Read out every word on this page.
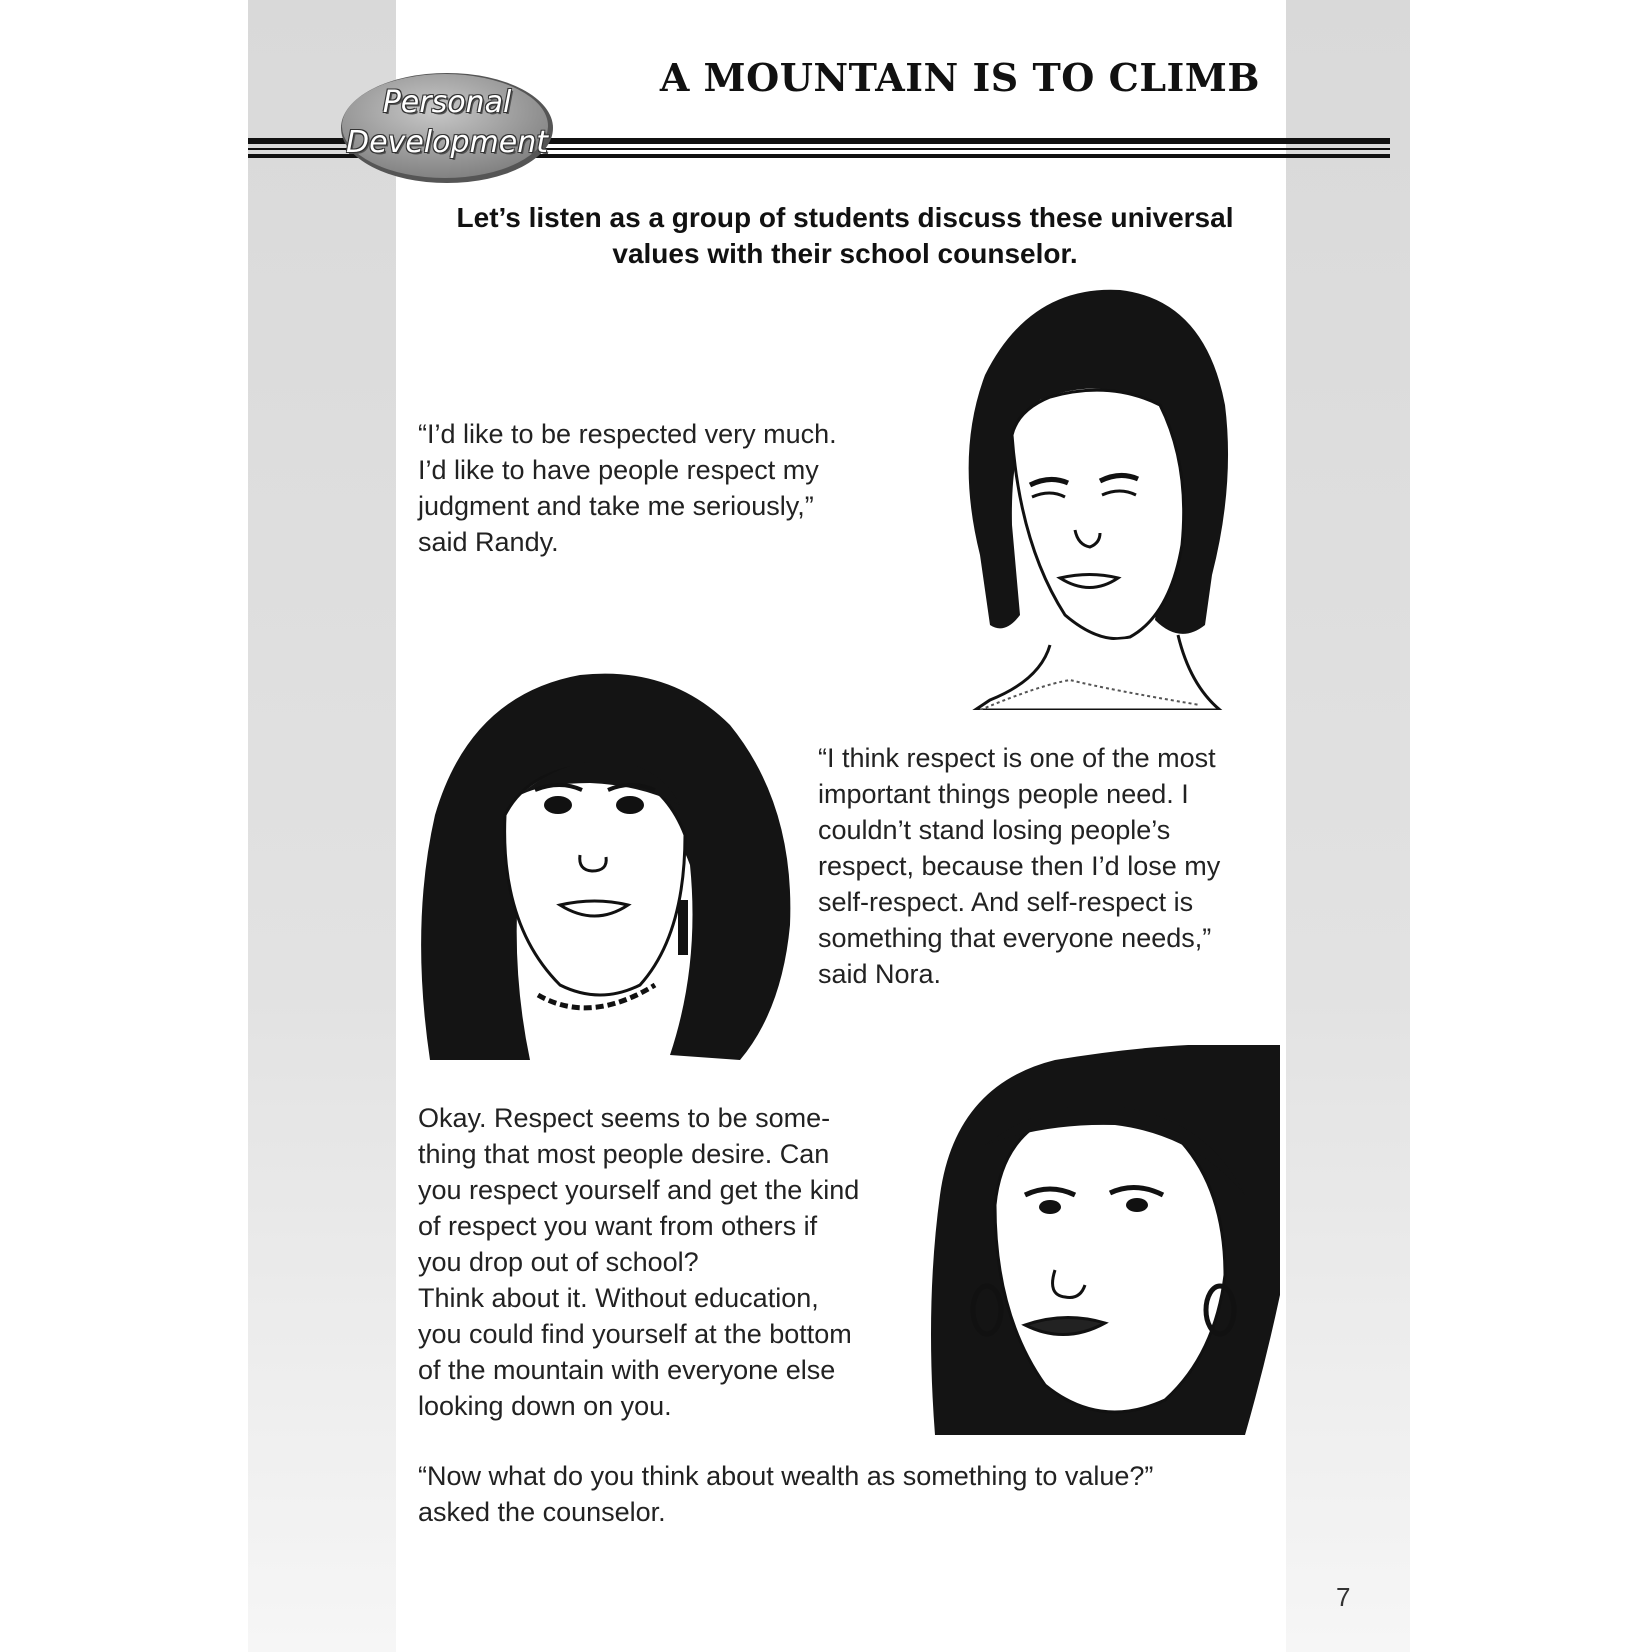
A MOUNTAIN IS TO CLIMB
Personal
Development
Let’s listen as a group of students discuss these universal values with their school counselor.
“I’d like to be respected very much.
I’d like to have people respect my
judgment and take me seriously,”
said Randy.
“I think respect is one of the most
important things people need. I
couldn’t stand losing people’s
respect, because then I’d lose my
self-respect. And self-respect is
something that everyone needs,”
said Nora.
Okay. Respect seems to be some-
thing that most people desire. Can
you respect yourself and get the kind
of respect you want from others if
you drop out of school?
Think about it. Without education,
you could find yourself at the bottom
of the mountain with everyone else
looking down on you.
“Now what do you think about wealth as something to value?”
asked the counselor.
7
